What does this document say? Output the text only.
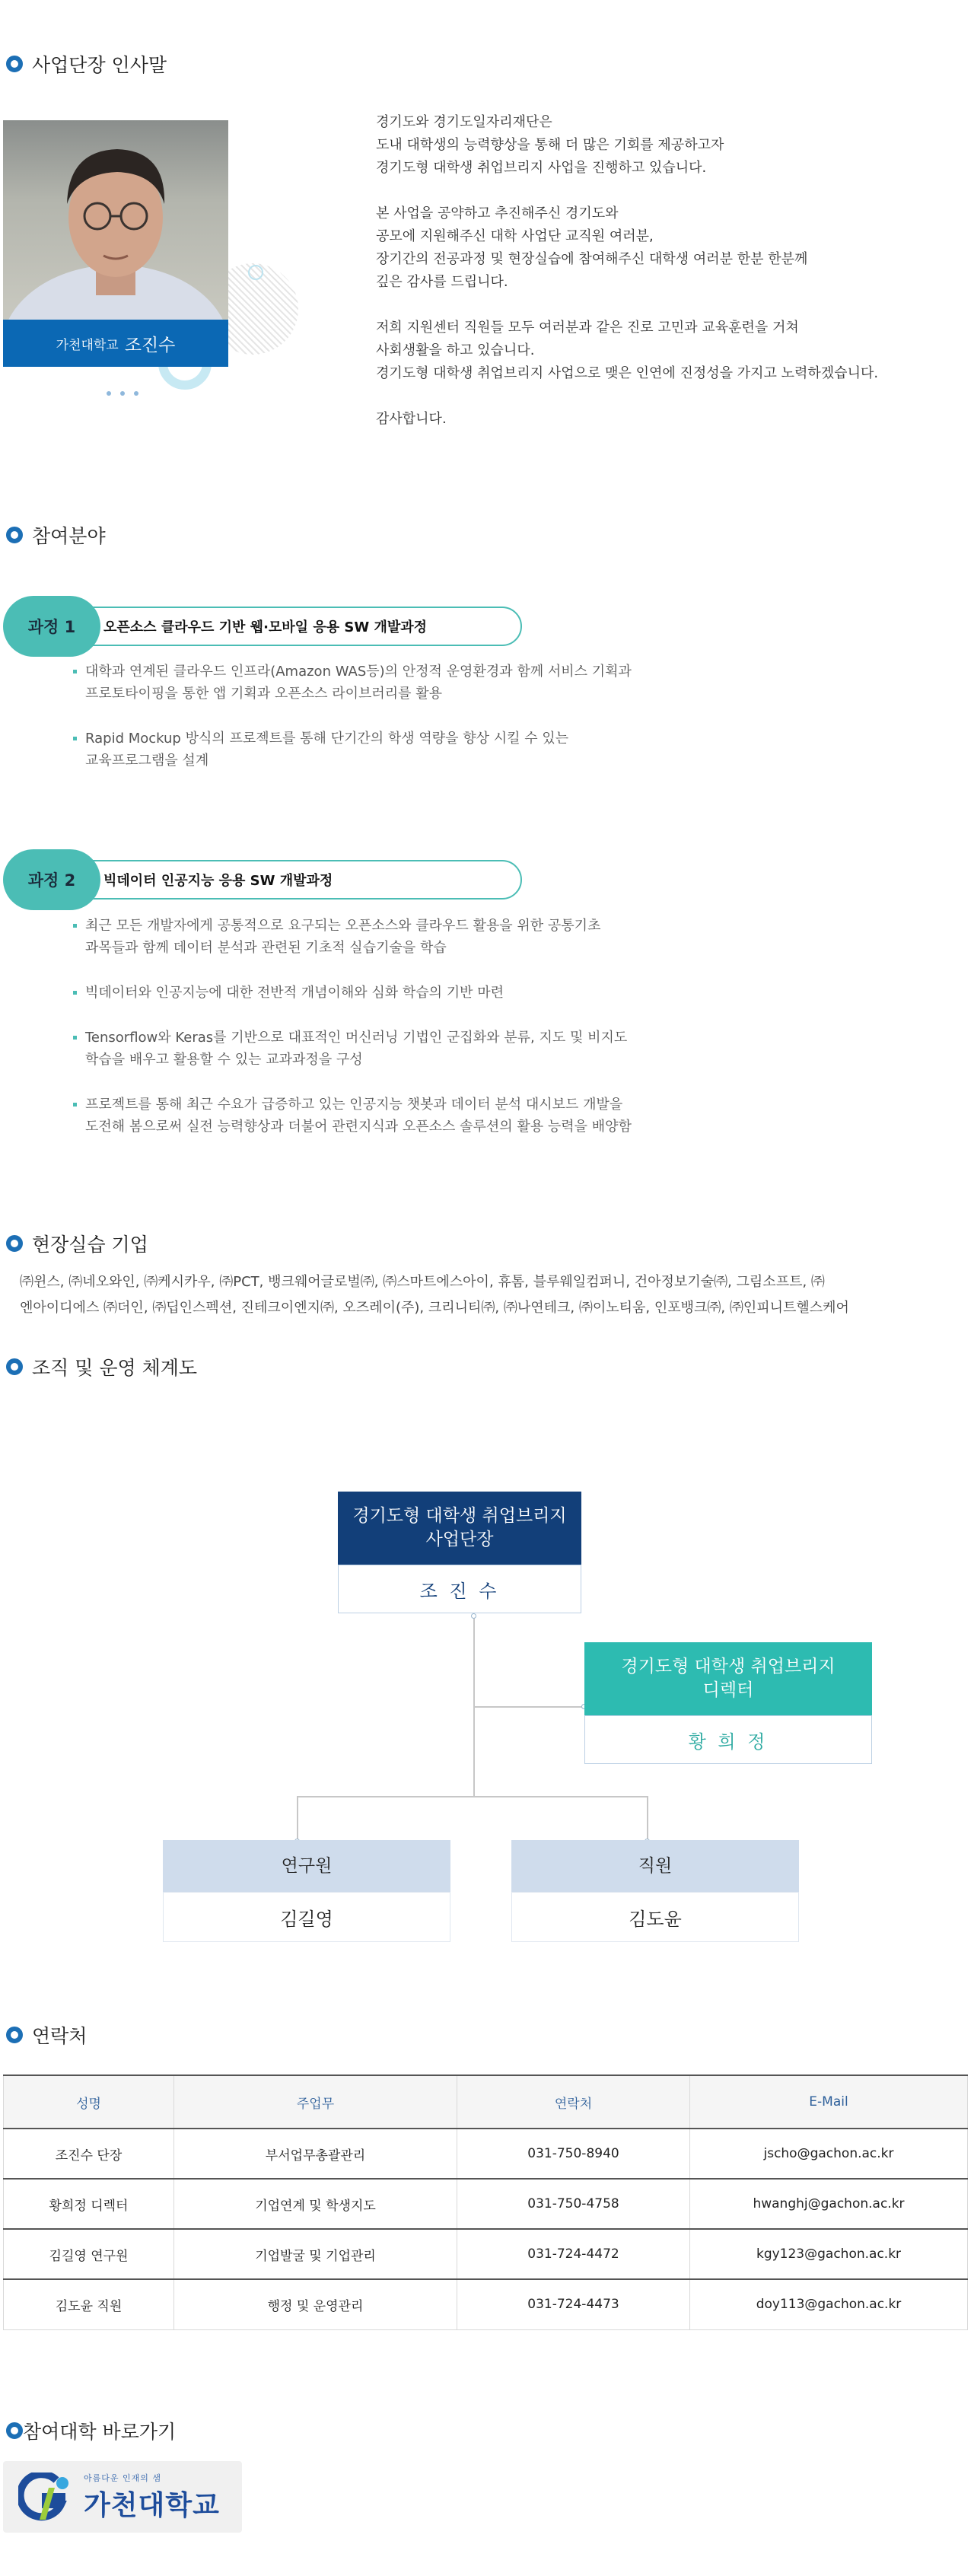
사업단장 인사말
가천대학교 조진수

경기도와 경기도일자리재단은
도내 대학생의 능력향상을 통해 더 많은 기회를 제공하고자
경기도형 대학생 취업브리지 사업을 진행하고 있습니다.

본 사업을 공약하고 추진해주신 경기도와
공모에 지원해주신 대학 사업단 교직원 여러분,
장기간의 전공과정 및 현장실습에 참여해주신 대학생 여러분 한분 한분께
깊은 감사를 드립니다.

저희 지원센터 직원들 모두 여러분과 같은 진로 고민과 교육훈련을 거쳐
사회생활을 하고 있습니다.
경기도형 대학생 취업브리지 사업으로 맺은 인연에 진정성을 가지고 노력하겠습니다.

감사합니다.

참여분야
과정 1	오픈소스 클라우드 기반 웹·모바일 응용 SW 개발과정
대학과 연계된 클라우드 인프라(Amazon WAS등)의 안정적 운영환경과 함께 서비스 기획과
프로토타이핑을 통한 앱 기획과 오픈소스 라이브러리를 활용
Rapid Mockup 방식의 프로젝트를 통해 단기간의 학생 역량을 향상 시킬 수 있는
교육프로그램을 설계
과정 2	빅데이터 인공지능 응용 SW 개발과정
최근 모든 개발자에게 공통적으로 요구되는 오픈소스와 클라우드 활용을 위한 공통기초
과목들과 함께 데이터 분석과 관련된 기초적 실습기술을 학습
빅데이터와 인공지능에 대한 전반적 개념이해와 심화 학습의 기반 마련
Tensorflow와 Keras를 기반으로 대표적인 머신러닝 기법인 군집화와 분류, 지도 및 비지도
학습을 배우고 활용할 수 있는 교과과정을 구성
프로젝트를 통해 최근 수요가 급증하고 있는 인공지능 챗봇과 데이터 분석 대시보드 개발을
도전해 봄으로써 실전 능력향상과 더불어 관련지식과 오픈소스 솔루션의 활용 능력을 배양함
현장실습 기업
㈜윈스, ㈜네오와인, ㈜케시카우, ㈜PCT, 뱅크웨어글로벌㈜, ㈜스마트에스아이, 휴톰, 블루웨일컴퍼니, 건아정보기술㈜, 그림소프트, ㈜
엔아이디에스 ㈜더인, ㈜딥인스펙션, 진테크이엔지㈜, 오즈레이(주), 크리니티㈜, ㈜나연테크, ㈜이노티움, 인포뱅크㈜, ㈜인피니트헬스케어
조직 및 운영 체계도
경기도형 대학생 취업브리지
사업단장
조 진 수
경기도형 대학생 취업브리지
디렉터
황 희 정
연구원
김길영
직원
김도윤
연락처
성명	주업무	연락처	E-Mail
조진수 단장	부서업무총괄관리	031-750-8940	jscho@gachon.ac.kr
황희정 디렉터	기업연계 및 학생지도	031-750-4758	hwanghj@gachon.ac.kr
김길영 연구원	기업발굴 및 기업관리	031-724-4472	kgy123@gachon.ac.kr
김도윤 직원	행정 및 운영관리	031-724-4473	doy113@gachon.ac.kr
참여대학 바로가기
아름다운 인재의 샘
가천대학교
